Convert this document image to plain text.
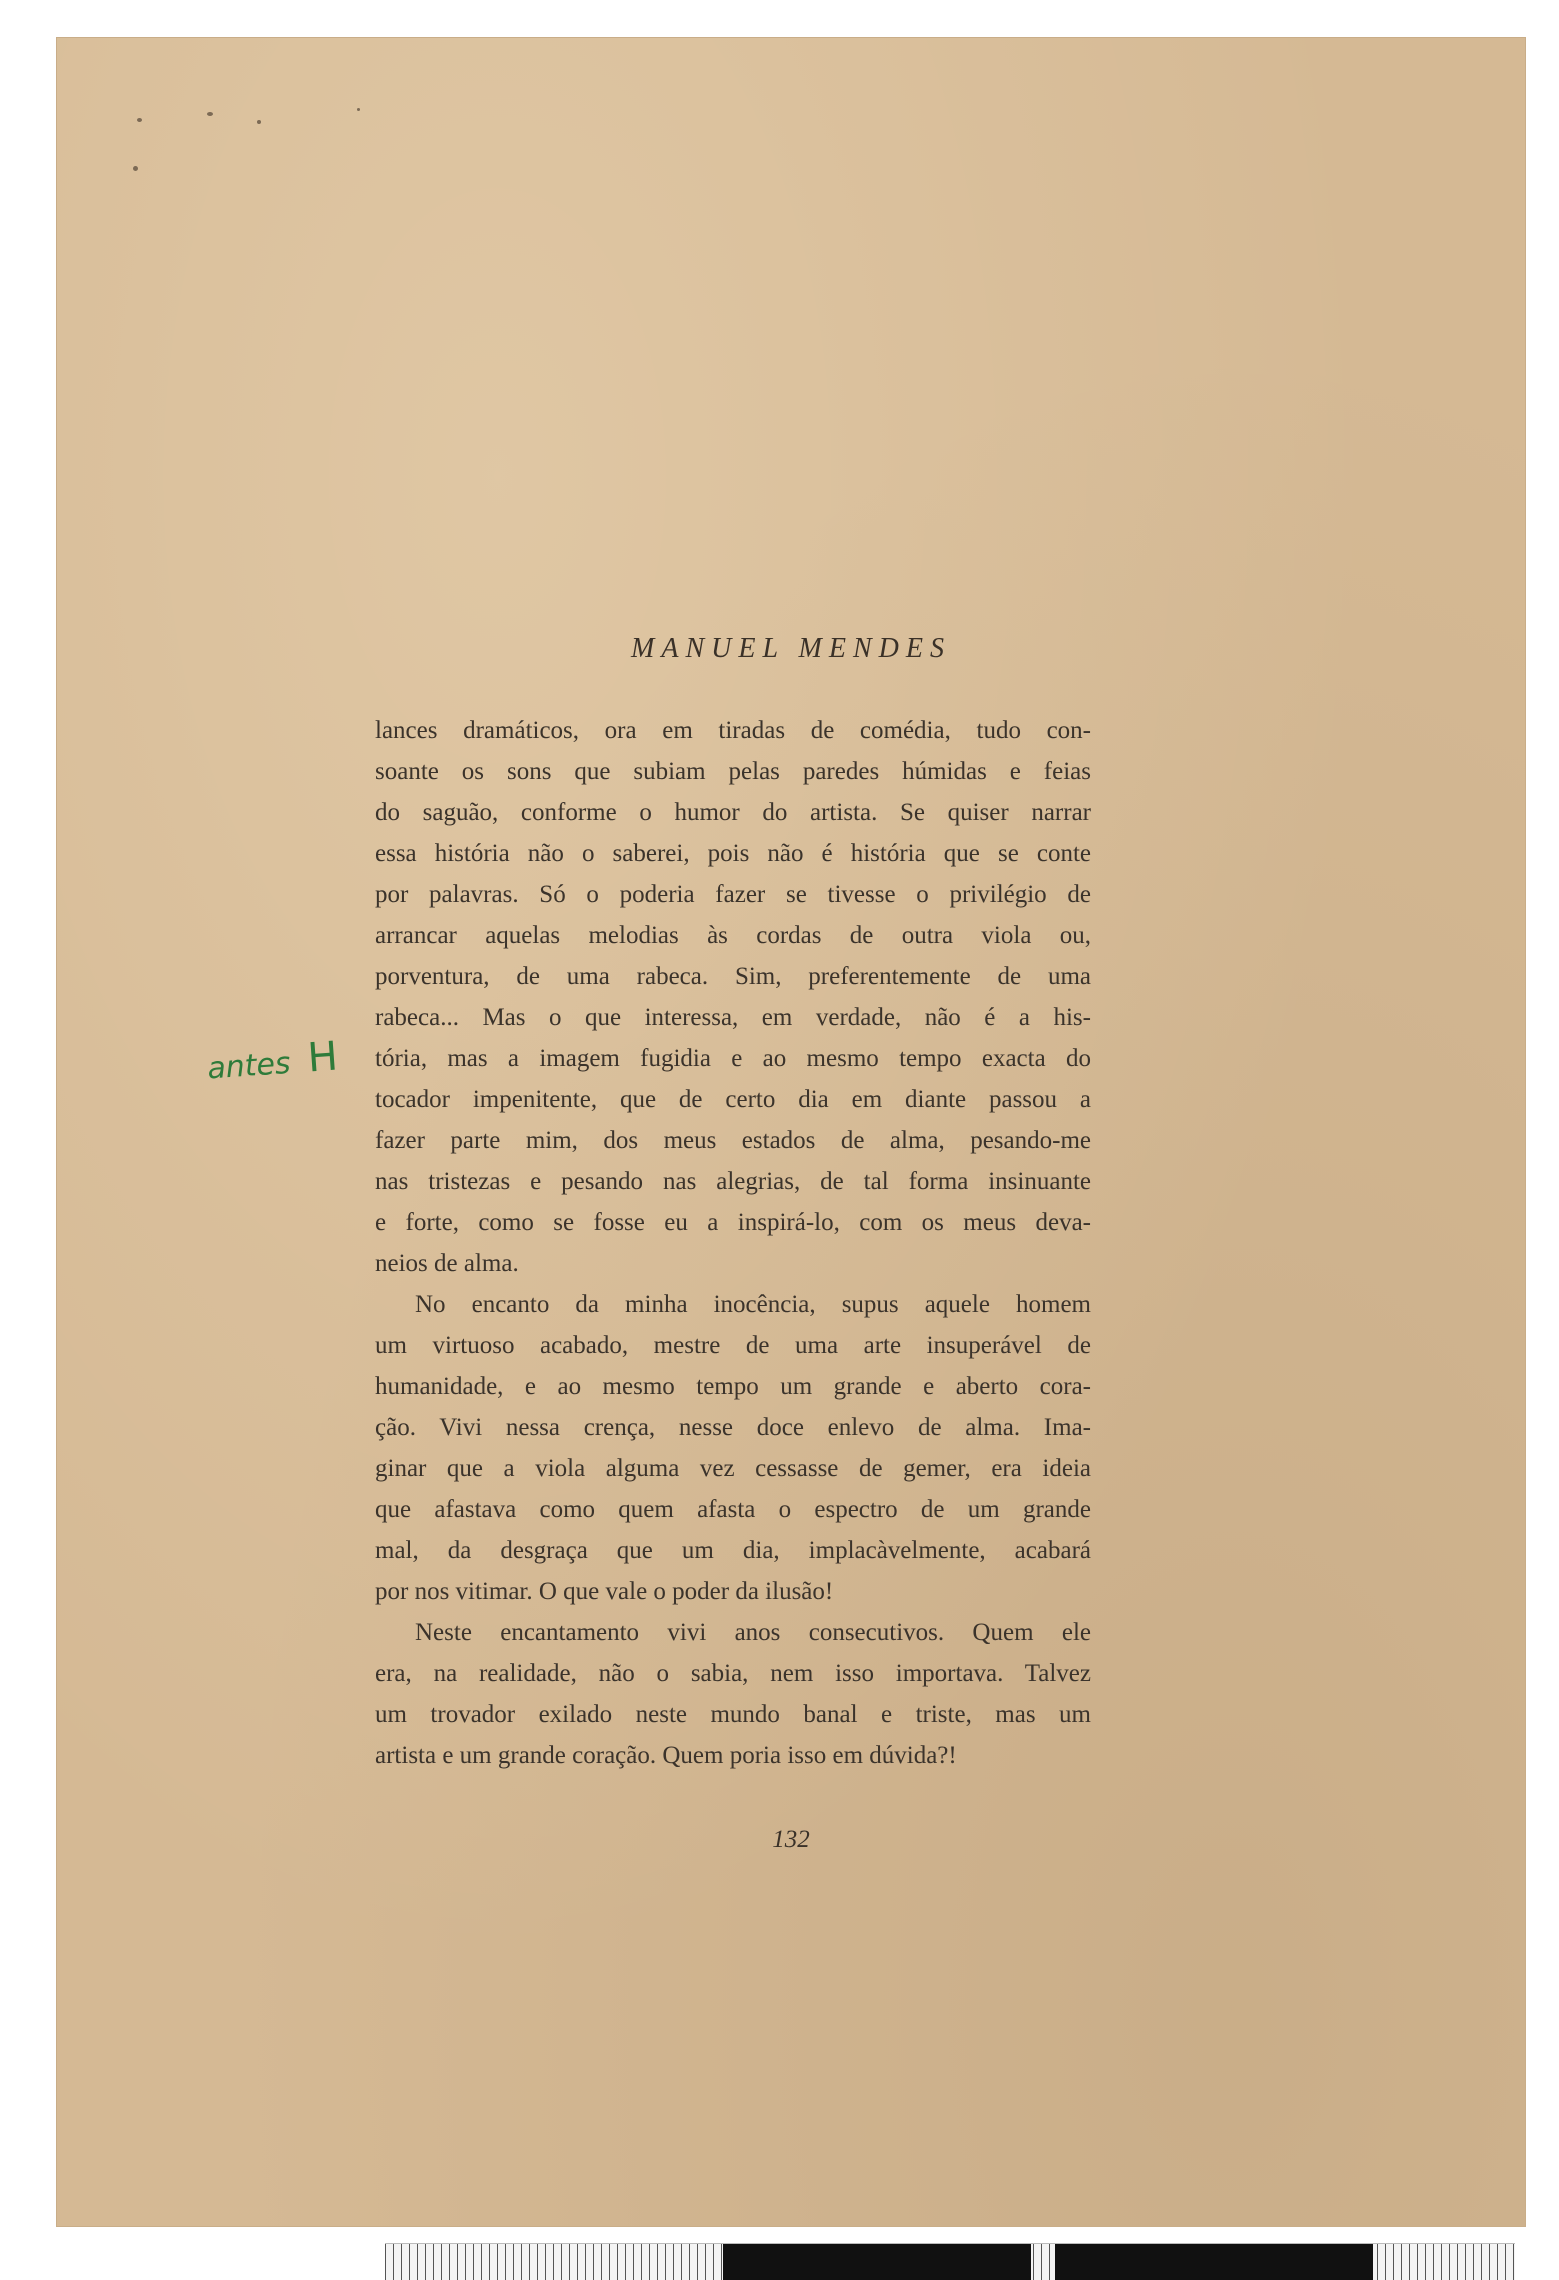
MANUEL MENDES
antes H

lances dramáticos, ora em tiradas de comédia, tudo con-

soante os sons que subiam pelas paredes húmidas e feias

do saguão, conforme o humor do artista. Se quiser narrar

essa história não o saberei, pois não é história que se conte

por palavras. Só o poderia fazer se tivesse o privilégio de

arrancar aquelas melodias às cordas de outra viola ou,

porventura, de uma rabeca. Sim, preferentemente de uma

rabeca... Mas o que interessa, em verdade, não é a his-

tória, mas a imagem fugidia e ao mesmo tempo exacta do

tocador impenitente, que de certo dia em diante passou a

fazer parte mim, dos meus estados de alma, pesando-me

nas tristezas e pesando nas alegrias, de tal forma insinuante

e forte, como se fosse eu a inspirá-lo, com os meus deva-

neios de alma.

No encanto da minha inocência, supus aquele homem

um virtuoso acabado, mestre de uma arte insuperável de

humanidade, e ao mesmo tempo um grande e aberto cora-

ção. Vivi nessa crença, nesse doce enlevo de alma. Ima-

ginar que a viola alguma vez cessasse de gemer, era ideia

que afastava como quem afasta o espectro de um grande

mal, da desgraça que um dia, implacàvelmente, acabará

por nos vitimar. O que vale o poder da ilusão!

Neste encantamento vivi anos consecutivos. Quem ele

era, na realidade, não o sabia, nem isso importava. Talvez

um trovador exilado neste mundo banal e triste, mas um

artista e um grande coração. Quem poria isso em dúvida?!

132
